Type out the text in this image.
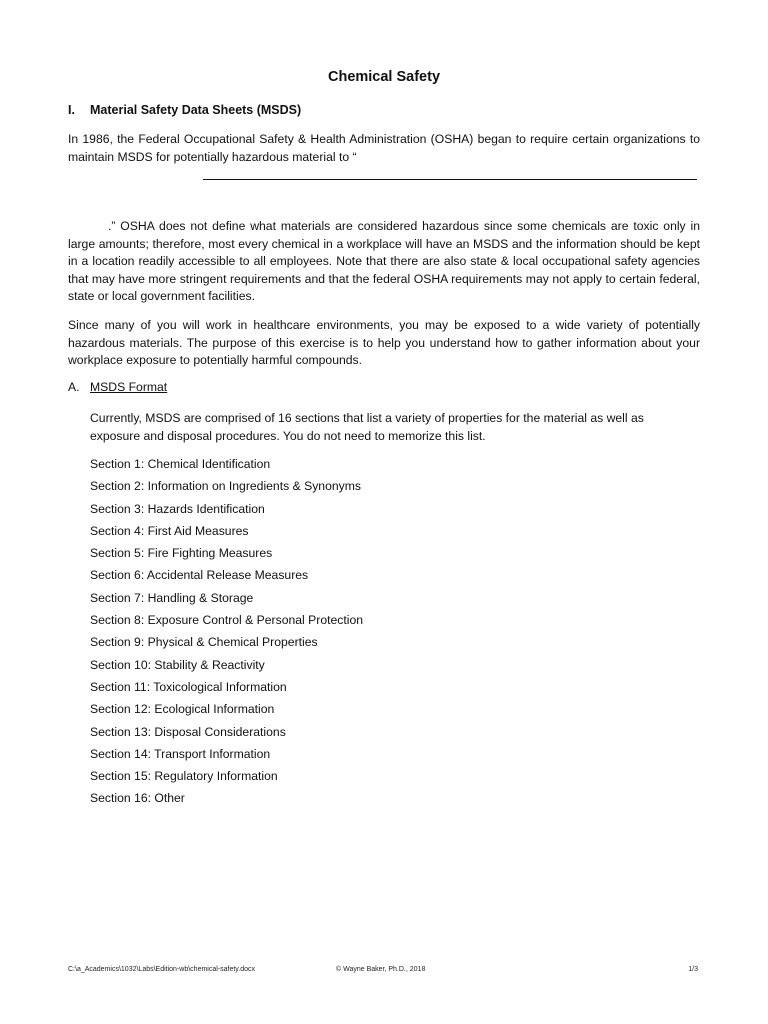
Chemical Safety
I. Material Safety Data Sheets (MSDS)

In 1986, the Federal Occupational Safety & Health Administration (OSHA) began to require certain organizations to maintain MSDS for potentially hazardous material to “

.” OSHA does not define what materials are considered hazardous since some chemicals are toxic only in large amounts; therefore, most every chemical in a workplace will have an MSDS and the information should be kept in a location readily accessible to all employees. Note that there are also state & local occupational safety agencies that may have more stringent requirements and that the federal OSHA requirements may not apply to certain federal, state or local government facilities.

Since many of you will work in healthcare environments, you may be exposed to a wide variety of potentially hazardous materials. The purpose of this exercise is to help you understand how to gather information about your workplace exposure to potentially harmful compounds.

A. MSDS Format

Currently, MSDS are comprised of 16 sections that list a variety of properties for the material as well as exposure and disposal procedures. You do not need to memorize this list.

Section 1: Chemical Identification
Section 2: Information on Ingredients & Synonyms
Section 3: Hazards Identification
Section 4: First Aid Measures
Section 5: Fire Fighting Measures
Section 6: Accidental Release Measures
Section 7: Handling & Storage
Section 8: Exposure Control & Personal Protection
Section 9: Physical & Chemical Properties
Section 10: Stability & Reactivity
Section 11: Toxicological Information
Section 12: Ecological Information
Section 13: Disposal Considerations
Section 14: Transport Information
Section 15: Regulatory Information
Section 16: Other
C:\a_Academics\1032\Labs\Edition-wb\chemical-safety.docx	© Wayne Baker, Ph.D., 2018	1/3
